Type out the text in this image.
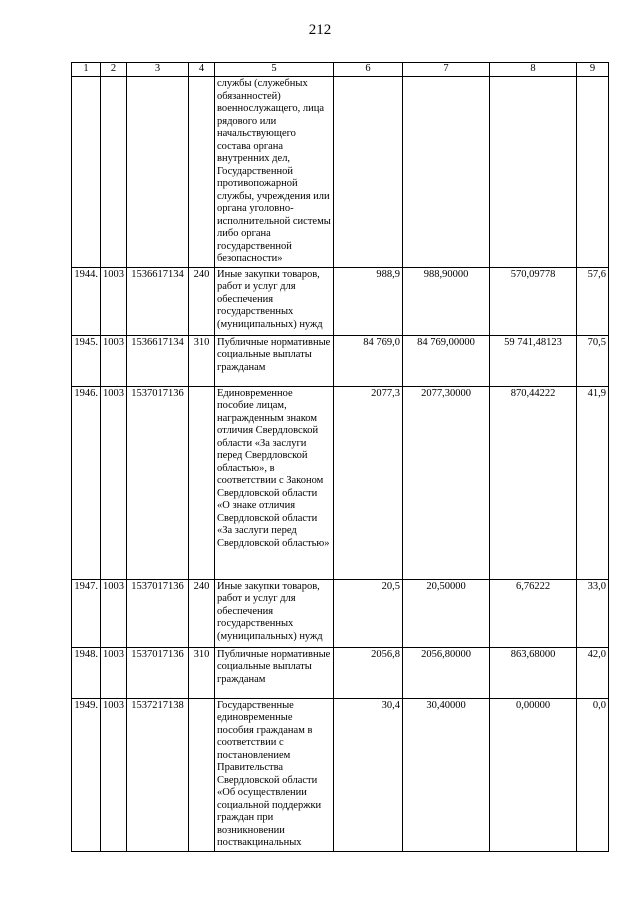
212
1	2	3	4	5	6	7	8	9
				службы (служебных обязанностей) военнослужащего, лица рядового или начальствующего состава органа внутренних дел, Государственной противопожарной службы, учреждения или органа уголовно-исполнительной системы либо органа государственной безопасности»				
1944.	1003	1536617134	240	Иные закупки товаров, работ и услуг для обеспечения государственных (муниципальных) нужд	988,9	988,90000	570,09778	57,6
1945.	1003	1536617134	310	Публичные нормативные социальные выплаты гражданам	84 769,0	84 769,00000	59 741,48123	70,5
1946.	1003	1537017136		Единовременное пособие лицам, награжденным знаком отличия Свердловской области «За заслуги перед Свердловской областью», в соответствии с Законом Свердловской области «О знаке отличия Свердловской области «За заслуги перед Свердловской областью»	2077,3	2077,30000	870,44222	41,9
1947.	1003	1537017136	240	Иные закупки товаров, работ и услуг для обеспечения государственных (муниципальных) нужд	20,5	20,50000	6,76222	33,0
1948.	1003	1537017136	310	Публичные нормативные социальные выплаты гражданам	2056,8	2056,80000	863,68000	42,0
1949.	1003	1537217138		Государственные единовременные пособия гражданам в соответствии с постановлением Правительства Свердловской области «Об осуществлении социальной поддержки граждан при возникновении поствакцинальных	30,4	30,40000	0,00000	0,0
